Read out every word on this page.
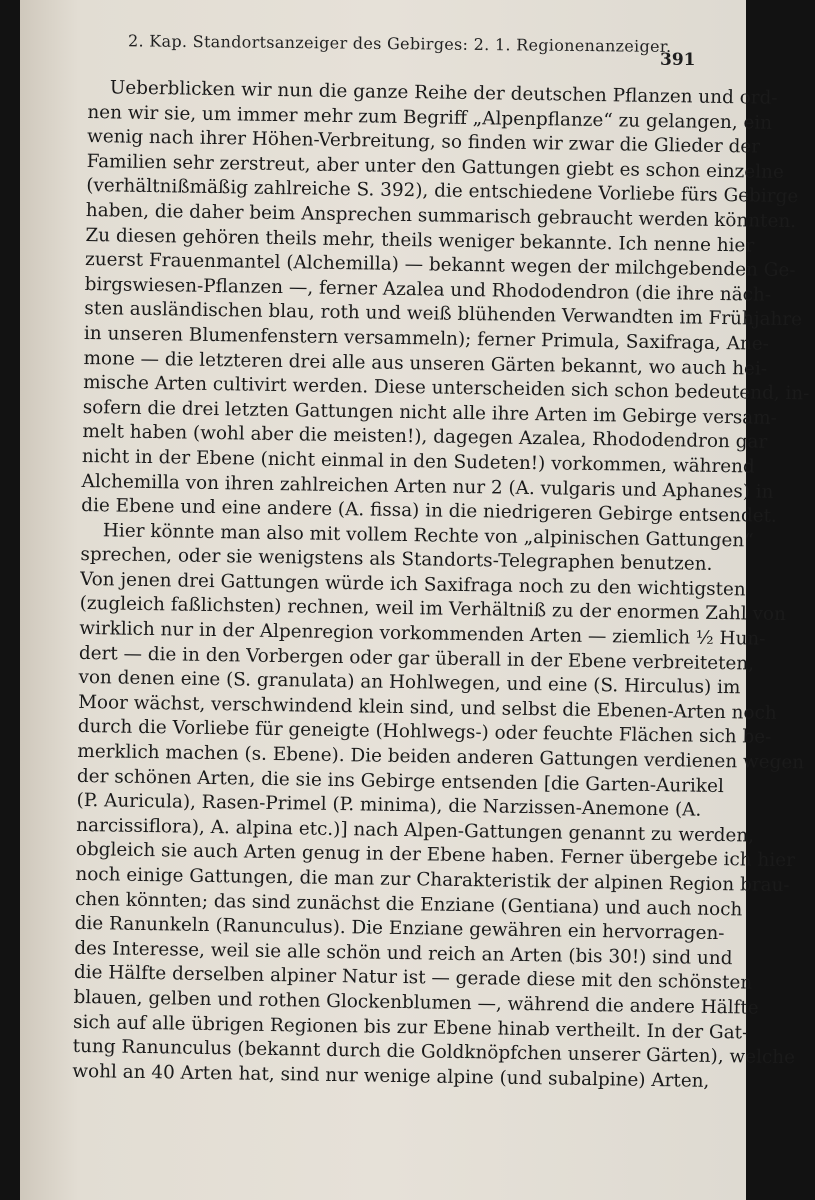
2. Kap. Standortsanzeiger des Gebirges: 2. 1. Regionenanzeiger.
391
Ueberblicken wir nun die ganze Reihe der deutschen Pflanzen und ord-
nen wir sie, um immer mehr zum Begriff „Alpenpflanze“ zu gelangen, ein
wenig nach ihrer Höhen-Verbreitung, so finden wir zwar die Glieder der
Familien sehr zerstreut, aber unter den Gattungen giebt es schon einzelne
(verhältnißmäßig zahlreiche S. 392), die entschiedene Vorliebe fürs Gebirge
haben, die daher beim Ansprechen summarisch gebraucht werden könnten.
Zu diesen gehören theils mehr, theils weniger bekannte. Ich nenne hier
zuerst Frauenmantel (Alchemilla) — bekannt wegen der milchgebenden Ge-
birgswiesen-Pflanzen —, ferner Azalea und Rhododendron (die ihre näch-
sten ausländischen blau, roth und weiß blühenden Verwandten im Frühjahre
in unseren Blumenfenstern versammeln); ferner Primula, Saxifraga, Ane-
mone — die letzteren drei alle aus unseren Gärten bekannt, wo auch hei-
mische Arten cultivirt werden. Diese unterscheiden sich schon bedeutend, in-
sofern die drei letzten Gattungen nicht alle ihre Arten im Gebirge versam-
melt haben (wohl aber die meisten!), dagegen Azalea, Rhododendron gar
nicht in der Ebene (nicht einmal in den Sudeten!) vorkommen, während
Alchemilla von ihren zahlreichen Arten nur 2 (A. vulgaris und Aphanes) in
die Ebene und eine andere (A. fissa) in die niedrigeren Gebirge entsendet.
Hier könnte man also mit vollem Rechte von „alpinischen Gattungen“
sprechen, oder sie wenigstens als Standorts-Telegraphen benutzen.
Von jenen drei Gattungen würde ich Saxifraga noch zu den wichtigsten
(zugleich faßlichsten) rechnen, weil im Verhältniß zu der enormen Zahl von
wirklich nur in der Alpenregion vorkommenden Arten — ziemlich ½ Hun-
dert — die in den Vorbergen oder gar überall in der Ebene verbreiteten,
von denen eine (S. granulata) an Hohlwegen, und eine (S. Hirculus) im
Moor wächst, verschwindend klein sind, und selbst die Ebenen-Arten noch
durch die Vorliebe für geneigte (Hohlwegs-) oder feuchte Flächen sich be-
merklich machen (s. Ebene). Die beiden anderen Gattungen verdienen wegen
der schönen Arten, die sie ins Gebirge entsenden [die Garten-Aurikel
(P. Auricula), Rasen-Primel (P. minima), die Narzissen-Anemone (A.
narcissiflora), A. alpina etc.)] nach Alpen-Gattungen genannt zu werden,
obgleich sie auch Arten genug in der Ebene haben. Ferner übergebe ich hier
noch einige Gattungen, die man zur Charakteristik der alpinen Region brau-
chen könnten; das sind zunächst die Enziane (Gentiana) und auch noch
die Ranunkeln (Ranunculus). Die Enziane gewähren ein hervorragen-
des Interesse, weil sie alle schön und reich an Arten (bis 30!) sind und
die Hälfte derselben alpiner Natur ist — gerade diese mit den schönsten
blauen, gelben und rothen Glockenblumen —, während die andere Hälfte
sich auf alle übrigen Regionen bis zur Ebene hinab vertheilt. In der Gat-
tung Ranunculus (bekannt durch die Goldknöpfchen unserer Gärten), welche
wohl an 40 Arten hat, sind nur wenige alpine (und subalpine) Arten,
